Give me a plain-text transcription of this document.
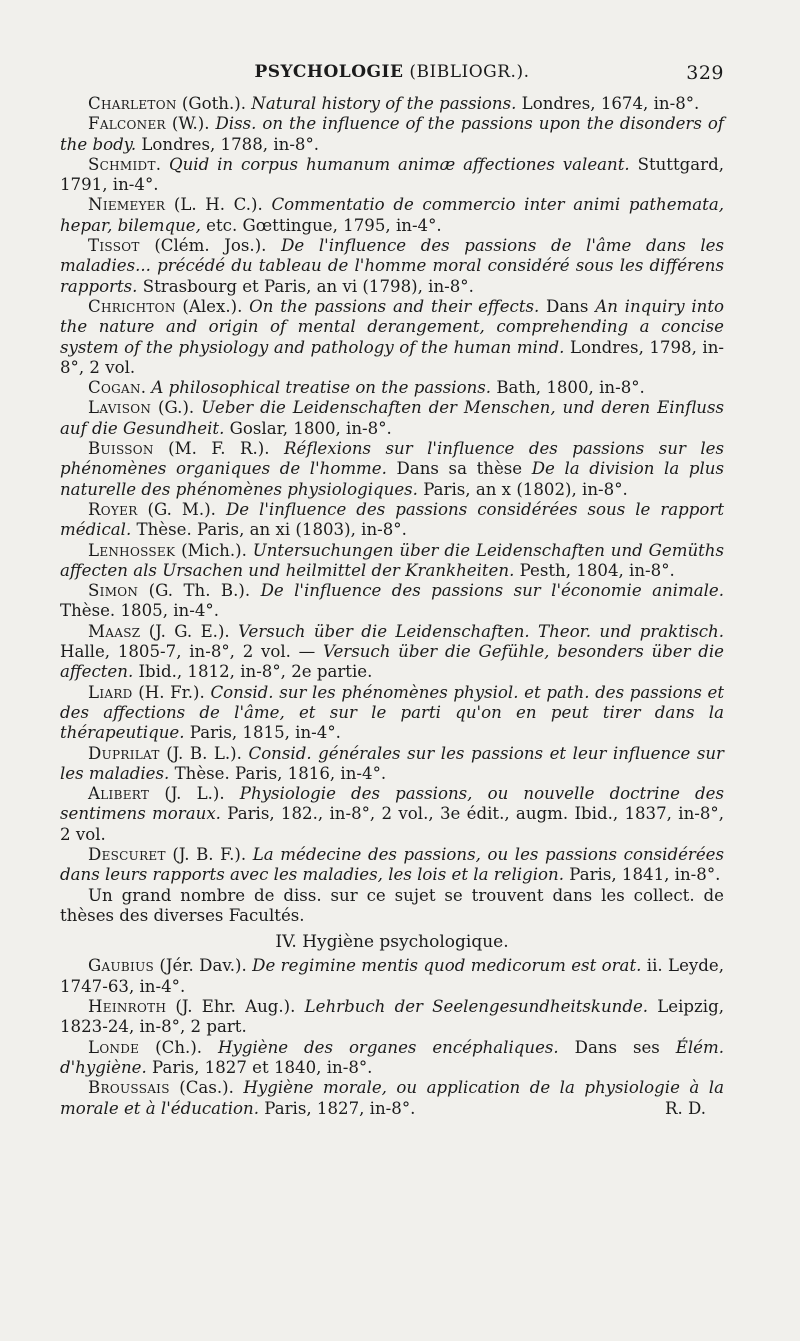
PSYCHOLOGIE
(BIBLIOGR.).	329
Charleton (Goth.). Natural history of the passions. Londres, 1674, in-8°.
Falconer (W.). Diss. on the influence of the passions upon the disonders of the body. Londres, 1788, in-8°.
Schmidt. Quid in corpus humanum animæ affectiones valeant. Stuttgard, 1791, in-4°.
Niemeyer (L. H. C.). Commentatio de commercio inter animi pathemata, hepar, bilemque, etc. Gœttingue, 1795, in-4°.
Tissot (Clém. Jos.). De l'influence des passions de l'âme dans les maladies... précédé du tableau de l'homme moral considéré sous les différens rapports. Strasbourg et Paris, an vi (1798), in-8°.
Chrichton (Alex.). On the passions and their effects. Dans An inquiry into the nature and origin of mental derangement, comprehending a concise system of the physiology and pathology of the human mind. Londres, 1798, in-8°, 2 vol.
Cogan. A philosophical treatise on the passions. Bath, 1800, in-8°.
Lavison (G.). Ueber die Leidenschaften der Menschen, und deren Einfluss auf die Gesundheit. Goslar, 1800, in-8°.
Buisson (M. F. R.). Réflexions sur l'influence des passions sur les phénomènes organiques de l'homme. Dans sa thèse De la division la plus naturelle des phénomènes physiologiques. Paris, an x (1802), in-8°.
Royer (G. M.). De l'influence des passions considérées sous le rapport médical. Thèse. Paris, an xi (1803), in-8°.
Lenhossek (Mich.). Untersuchungen über die Leidenschaften und Gemüths affecten als Ursachen und heilmittel der Krankheiten. Pesth, 1804, in-8°.
Simon (G. Th. B.). De l'influence des passions sur l'économie animale. Thèse. 1805, in-4°.
Maasz (J. G. E.). Versuch über die Leidenschaften. Theor. und praktisch. Halle, 1805-7, in-8°, 2 vol. — Versuch über die Gefühle, besonders über die affecten. Ibid., 1812, in-8°, 2e partie.
Liard (H. Fr.). Consid. sur les phénomènes physiol. et path. des passions et des affections de l'âme, et sur le parti qu'on en peut tirer dans la thérapeutique. Paris, 1815, in-4°.
Duprilat (J. B. L.). Consid. générales sur les passions et leur influence sur les maladies. Thèse. Paris, 1816, in-4°.
Alibert (J. L.). Physiologie des passions, ou nouvelle doctrine des sentimens moraux. Paris, 182., in-8°, 2 vol., 3e édit., augm. Ibid., 1837, in-8°, 2 vol.
Descuret (J. B. F.). La médecine des passions, ou les passions considérées dans leurs rapports avec les maladies, les lois et la religion. Paris, 1841, in-8°.
Un grand nombre de diss. sur ce sujet se trouvent dans les collect. de thèses des diverses Facultés.
IV. Hygiène psychologique.
Gaubius (Jér. Dav.). De regimine mentis quod medicorum est orat. ii. Leyde, 1747-63, in-4°.
Heinroth (J. Ehr. Aug.). Lehrbuch der Seelengesundheitskunde. Leipzig, 1823-24, in-8°, 2 part.
Londe (Ch.). Hygiène des organes encéphaliques. Dans ses Élém. d'hygiène. Paris, 1827 et 1840, in-8°.
Broussais (Cas.). Hygiène morale, ou application de la physiologie à la morale et à l'éducation. Paris, 1827, in-8°.	R. D.
